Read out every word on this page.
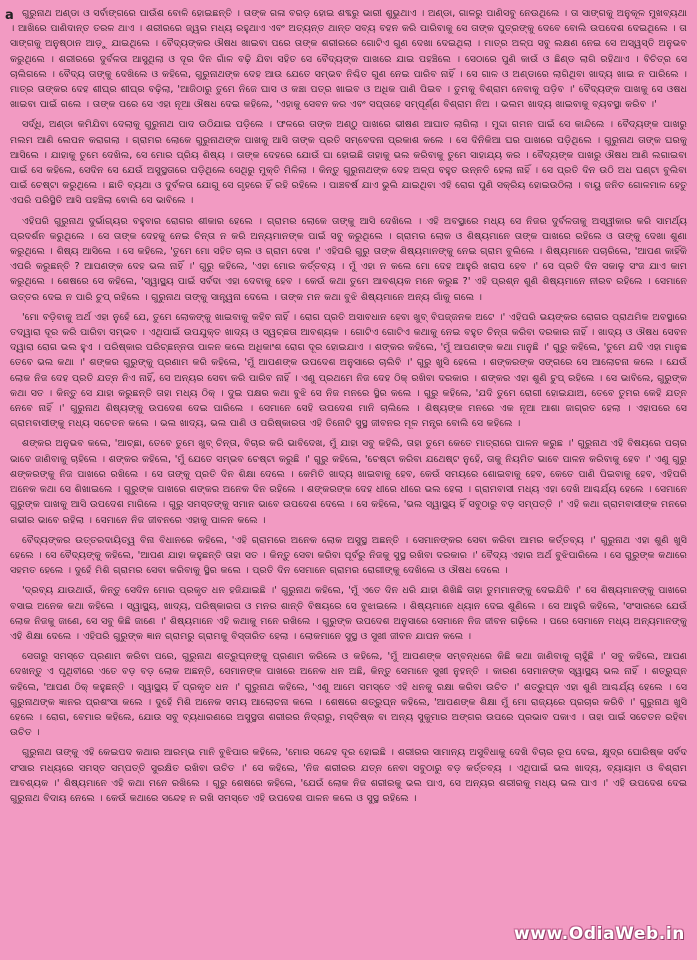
a ଗୁରୁନାଥ ଅଣ୍ଡା ଓ ସର୍ବାଙ୍ଗରେ ପାଉଁଶ ବୋଳି ହୋଇଛନ୍ତି । ତାଙ୍କ ଗଳା ବରଡ଼ ହୋଇ ଶବ୍ଦରୁ ଭାରୀ ଶୁଭୁଥାଏ । ଅଣ୍ଡା, ଗାଳରୁ ପାଣିସବୁ ନେଉଥିଲେ । ତା ସାଙ୍ଗକୁ ଅନୁକୂଳ ମୁଖବ୍ୟଥା । ଆଖିରେ ପାଣିଦାନ୍ତ ତରଳ ଥାଏ । ଶରୀରରେ ଜ୍ୱର ମଧ୍ୟ ରହୁଥାଏ ଏବଂ ଅତ୍ୟନ୍ତ ଥାନ୍ତ ସବ୍ୟ ବହନ କରି ପାରିବାକୁ ସେ ତାଙ୍କ ପୁତ୍ରଙ୍କୁ ଦେବେ ବୋଲି ଉପଦେଶ ଦେଇଥିଲେ । ତା ସାଙ୍ଗକୁ ଅନୁଷ୍ଠାନ ଆଡ଼ୁ ଯାଇଥିଲେ । ବୈଦ୍ୟଙ୍କର ଔଷଧ ଖାଇବା ପରେ ତାଙ୍କ ଶରୀରରେ ଗୋଟିଏ ଗୁଣ ଦେଖା ଦେଇଥିଲା । ମାତ୍ର ଅଳ୍ପ ସବୁ ଲକ୍ଷଣ ନେଇ ସେ ଅସ୍ୱସ୍ତି ଅନୁଭବ କରୁଥିଲେ । ଶରୀରରେ ଦୁର୍ବଳତା ଆସୁଥିଲା ଓ ଦୂର ଦିନ ଗାଁଳ ବଢ଼ି ଯିବା ସହିତ ସେ ବୈଦ୍ୟଙ୍କ ପାଖରେ ଯାଇ ପହଞ୍ଚିଲେ । ସେଠାରେ ପୁଣି କାଉଁ ଓ ଛିଣ୍ଡ ଲାଗି ରହିଥାଏ । ବିଚିତ୍ର ସେ ଚାଲିଗଲେ । ବୈଦ୍ୟ ତାଙ୍କୁ ଦେଖିଲେ ଓ କହିଲେ, ଗୁରୁନାଥଙ୍କ ଦେହ ଆଉ ଯେତେ ସମ୍ଭବ ନିଶ୍ଚିତ ଗୁଣ ନେଇ ପାରିବ ନାହିଁ । ସେ ଗାଳ ଓ ଅଣ୍ଡାରେ ଲାଗିଥିବା ଖାଦ୍ୟ ଖାଇ ନ ପାରିଲେ । ମାତ୍ର ତାଙ୍କର ଦେହ ଶୀଘ୍ର ଶୀଘ୍ର ବଢ଼ିଲା, 'ଆଜିଠାରୁ ତୁମେ ନିଜେ ଘାସ ଓ କଞ୍ଚା ପତ୍ର ଖାଇବ ଓ ଅଧିକ ପାଣି ପିଇବ । ତୁମକୁ ବିଶ୍ରାମ ନେବାକୁ ପଡ଼ିବ ।' ବୈଦ୍ୟଙ୍କ ପାଖକୁ ସେ ଓଷଧ ଖାଇବା ପାଇଁ ଗଲେ । ତାଙ୍କ ପରେ ସେ ଏହା ନୂଆ ଔଷଧ ଦେଇ କହିଲେ, 'ଏହାକୁ ସେବନ କର ଏବଂ ସପ୍ତାହେ ସମ୍ପୂର୍ଣ୍ଣ ବିଶ୍ରାମ ନିଅ । ଭଲମ ଖାଦ୍ୟ ଖାଇବାକୁ ବ୍ୟବସ୍ଥା କରିବ ।'

ସର୍ଦ୍ଧି, ଅଣ୍ଡା କମିଯିବା ଦେଲାକୁ ଗୁରୁନାଥ ପାଦ ଉଠିଯାଇ ପଡ଼ିଲେ । ଫଳରେ ତାଙ୍କ ଅଣ୍ଠୁ ପାଖରେ ଭୀଷଣ ଆଘାତ ଲାଗିଲା । ମୁଦ୍ଦା ଗମନ ପାଇଁ ସେ କାନ୍ଦିଲେ । ବୈଦ୍ୟଙ୍କ ପାଖରୁ ମଲମ ଆଣି ଲେପନ କରାଗଲା । ଗ୍ରାମର ଲୋକେ ଗୁରୁନାଥଙ୍କ ପାଖକୁ ଆସି ତାଙ୍କ ପ୍ରତି ସମ୍ବେଦନା ପ୍ରକାଶ କଲେ । ସେ ଦିନିକିଆ ଘର ପାଖରେ ପଡ଼ିଥିଲେ । ଗୁରୁନାଥ ତାଙ୍କ ଘରକୁ ଆସିଲେ । ଯାହାକୁ ତୁମେ ଦେଖିଲ, ସେ ମୋର ପ୍ରିୟ ଶିଷ୍ୟ । ତାଙ୍କ ଦେହରେ ଯୋଉଁ ଘା ହୋଇଛି ତାହାକୁ ଭଲ କରିବାକୁ ତୁମେ ସାହାଯ୍ୟ କର । ବୈଦ୍ୟଙ୍କ ପାଖରୁ ଔଷଧ ଆଣି ଲଗାଇବା ପାଇଁ ସେ କହିଲେ, ସେଦିନ ସେ ଯେଉଁ ଅସୁସ୍ଥତାରେ ପଡ଼ିଥିଲେ ସେଥିରୁ ମୁକ୍ତି ମିଳିଲା । କିନ୍ତୁ ଗୁରୁନାଥଙ୍କ ଦେହ ଅଳ୍ପ ବହୁତ ଉନ୍ନତି ହେଲା ନାହିଁ । ସେ ପ୍ରତି ଦିନ ଉଠି ଅଧ ଘଣ୍ଟା ବୁଲିବା ପାଇଁ ଚେଷ୍ଟା କରୁଥିଲେ । ଛାତି ବ୍ୟଥା ଓ ଦୁର୍ବଳତା ଯୋଗୁ ସେ ଗୃହରେ ହିଁ ରହି ରହିଲେ । ପାଞ୍ଚବର୍ଷ ଯାଏ ଭୁଲି ଯାଇଥିବା ଏହି ରୋଗ ପୁଣି ସକ୍ରିୟ ହୋଇଉଠିଲା । ବାୟୁ ଜନିତ ଗୋଳମାଳ ହେତୁ ଏପରି ପରିସ୍ଥିତି ଆସି ପହଞ୍ଚିଲା ବୋଲି ସେ ଭାବିଲେ ।

ଏହିପରି ଗୁରୁନାଥ ଦୁର୍ଭାଗ୍ୟର ବହୁବାର ରୋଗର ଶୀକାର ହେଲେ । ଗ୍ରାମର ଲୋକେ ତାଙ୍କୁ ଆସି ଦେଖିଲେ । ଏହି ଅବସ୍ଥାରେ ମଧ୍ୟ ସେ ନିଜର ଦୁର୍ବଳତାକୁ ଅସ୍ୱୀକାର କରି ସାମର୍ଥ୍ୟ ପ୍ରଦର୍ଶନ କରୁଥିଲେ । ସେ ତାଙ୍କ ଦେହକୁ ନେଇ ଚିନ୍ତା ନ କରି ଅନ୍ୟମାନଙ୍କ ପାଇଁ ସବୁ କରୁଥିଲେ । ଗ୍ରାମର ଲୋକ ଓ ଶିଷ୍ୟମାନେ ତାଙ୍କ ପାଖରେ ରହିଲେ ଓ ତାଙ୍କୁ ଦେଖା ଶୁଣା କରୁଥିଲେ । ଶିଷ୍ୟ ଆସିଲେ । ସେ କହିଲେ, 'ତୁମେ ମୋ ସହିତ ଚାଲ ଓ ଗ୍ରାମ ଦେଖ ।' ଏହିପରି ଗୁରୁ ତାଙ୍କ ଶିଷ୍ୟମାନଙ୍କୁ ନେଇ ଗ୍ରାମ ବୁଲିଲେ । ଶିଷ୍ୟମାନେ ପଚାରିଲେ, 'ଆପଣ କାହିଁକି ଏପରି କରୁଛନ୍ତି ? ଆପଣଙ୍କ ଦେହ ଭଲ ନାହିଁ ।' ଗୁରୁ କହିଲେ, 'ଏହା ମୋର କର୍ତ୍ତବ୍ୟ । ମୁଁ ଏହା ନ କଲେ ମୋ ଦେହ ଆହୁରି ଖରାପ ହେବ ।' ସେ ପ୍ରତି ଦିନ ସକାଳୁ ସଂଜ ଯାଏ କାମ କରୁଥିଲେ । ଶେଷରେ ସେ କହିଲେ, 'ସ୍ୱାସ୍ଥ୍ୟ ପାଇଁ ସର୍ବଦା ଏହା ଦେବାକୁ ହେବ । କେଉଁ କଥା ତୁମେ ଆବଶ୍ୟକ ମନେ କରୁଛ ?' ଏହି ପ୍ରଶ୍ନ ଶୁଣି ଶିଷ୍ୟମାନେ ନୀରବ ରହିଲେ । ସେମାନେ ଉତ୍ତର ଦେଇ ନ ପାରି ଚୁପ୍ ରହିଲେ । ଗୁରୁନାଥ ତାଙ୍କୁ ସାନ୍ତ୍ୱନା ଦେଲେ । ତାଙ୍କ ମନ କଥା ବୁଝି ଶିଷ୍ୟମାନେ ଅନ୍ୟ ଗାଁକୁ ଗଲେ ।

'ମୋ ବଡ଼ିବାକୁ ଅର୍ଥ ଏହା ନୁହେଁ ଯେ, ତୁମେ ଲୋକଙ୍କୁ ଖାଇବାକୁ କହିବ ନାହିଁ । ରୋଗ ପ୍ରତି ଅସାବଧାନ ହେବା ଖୁବ୍ ବିପଜ୍ଜନକ ଅଟେ ।' ଏହିପରି ଭୟଙ୍କର ରୋଗର ପ୍ରାଥମିକ ଅବସ୍ଥାରେ ତଦ୍ୱାରା ଦୂର କରି ପାରିବା ସମ୍ଭବ । ଏଥିପାଇଁ ଉପଯୁକ୍ତ ଖାଦ୍ୟ ଓ ସ୍ୱଚ୍ଛତା ଆବଶ୍ୟକ । ଗୋଟିଏ ଗୋଟିଏ କଥାକୁ ନେଇ ବହୁତ ଚିନ୍ତା କରିବା ଦରକାର ନାହିଁ । ଖାଦ୍ୟ ଓ ଔଷଧ ସେବନ ଦ୍ୱାରା ରୋଗ ଭଲ ହୁଏ । ପରିଷ୍କାର ପରିଚ୍ଛନ୍ନତା ପାଳନ କଲେ ଅଧିକାଂଶ ରୋଗ ଦୂର ହୋଇଯାଏ । ଶଙ୍କର କହିଲେ, 'ମୁଁ ଆପଣଙ୍କ କଥା ମାନୁଛି ।' ଗୁରୁ କହିଲେ, 'ତୁମେ ଯଦି ଏହା ମାନୁଛ ତେବେ ଭଲ କଥା ।' ଶଙ୍କର ଗୁରୁଙ୍କୁ ପ୍ରଣାମ କରି କହିଲେ, 'ମୁଁ ଆପଣଙ୍କ ଉପଦେଶ ଅନୁସାରେ ଚାଲିବି ।' ଗୁରୁ ଖୁସି ହେଲେ । ଶଙ୍କରଙ୍କ ସଙ୍ଗରେ ସେ ଆଲୋଚନା କଲେ । ଯେଉଁ ଲୋକ ନିଜ ଦେହ ପ୍ରତି ଯତ୍ନ ନିଏ ନାହିଁ, ସେ ଅନ୍ୟର ସେବା କରି ପାରିବ ନାହିଁ । ଏଣୁ ପ୍ରଥମେ ନିଜ ଦେହ ଠିକ୍ ରଖିବା ଦରକାର । ଶଙ୍କର ଏହା ଶୁଣି ଚୁପ୍ ରହିଲେ । ସେ ଭାବିଲେ, ଗୁରୁଙ୍କ କଥା ସତ । କିନ୍ତୁ ସେ ଯାହା କରୁଛନ୍ତି ତାହା ମଧ୍ୟ ଠିକ୍ । ଦୁଇ ପକ୍ଷର କଥା ବୁଝି ସେ ନିଜ ମନରେ ସ୍ଥିର କଲେ । ଗୁରୁ କହିଲେ, 'ଯଦି ତୁମେ ରୋଗୀ ହୋଇଯାଅ, ତେବେ ତୁମର କେହି ଯତ୍ନ ନେବେ ନାହିଁ ।' ଗୁରୁନାଥ ଶିଷ୍ୟଙ୍କୁ ଉପଦେଶ ଦେଇ ପାରିଲେ । ସେମାନେ ସେହି ଉପଦେଶ ମାନି ଚାଲିଲେ । ଶିଷ୍ୟଙ୍କ ମନରେ ଏକ ନୂଆ ଆଶା ଜାଗ୍ରତ ହେଲା । ଏହାପରେ ସେ ଗ୍ରାମବାସୀଙ୍କୁ ମଧ୍ୟ ସଚେତନ କଲେ । ଭଲ ଖାଦ୍ୟ, ଭଲ ପାଣି ଓ ପରିଷ୍କାରତା ଏହି ତିନୋଟି ସୁସ୍ଥ ଜୀବନର ମୂଳ ମନ୍ତ୍ର ବୋଲି ସେ କହିଲେ ।

ଶଙ୍କର ଅନୁଭବ କଲେ, 'ଆଚ୍ଛା, ତେବେ ତୁମେ ଖୁବ୍ ଚିନ୍ତା, ବିଚାର କରି ଭାବିଦେଖ, ମୁଁ ଯାହା ସବୁ କହିଲି, ତାହା ତୁମେ କେତେ ମାତ୍ରାରେ ପାଳନ କରୁଛ ।' ଗୁରୁନାଥ ଏହି ବିଷୟରେ ପଚାର ଭାବେ ଜାଣିବାକୁ ଚାହିଲେ । ଶଙ୍କର କହିଲେ, 'ମୁଁ ଯେତେ ସମ୍ଭବ ଚେଷ୍ଟା କରୁଛି ।' ଗୁରୁ କହିଲେ, 'ଚେଷ୍ଟା କରିବା ଯଥେଷ୍ଟ ନୁହେଁ, ତାକୁ ନିୟମିତ ଭାବେ ପାଳନ କରିବାକୁ ହେବ ।' ଏଣୁ ଗୁରୁ ଶଙ୍କରଙ୍କୁ ନିଜ ପାଖରେ ରଖିଲେ । ସେ ତାଙ୍କୁ ପ୍ରତି ଦିନ ଶିକ୍ଷା ଦେଲେ । କେମିତି ଖାଦ୍ୟ ଖାଇବାକୁ ହେବ, କେଉଁ ସମୟରେ ଶୋଇବାକୁ ହେବ, କେତେ ପାଣି ପିଇବାକୁ ହେବ, ଏହିପରି ଅନେକ କଥା ସେ ଶିଖାଇଲେ । ଗୁରୁଙ୍କ ପାଖରେ ଶଙ୍କର ଅନେକ ଦିନ ରହିଲେ । ଶଙ୍କରଙ୍କ ଦେହ ଧୀରେ ଧୀରେ ଭଲ ହେଲା । ଗ୍ରାମବାସୀ ମଧ୍ୟ ଏହା ଦେଖି ଆଶ୍ଚର୍ଯ୍ୟ ହେଲେ । ସେମାନେ ଗୁରୁଙ୍କ ପାଖକୁ ଆସି ଉପଦେଶ ମାଗିଲେ । ଗୁରୁ ସମସ୍ତଙ୍କୁ ସମାନ ଭାବେ ଉପଦେଶ ଦେଲେ । ସେ କହିଲେ, 'ଭଲ ସ୍ୱାସ୍ଥ୍ୟ ହିଁ ସବୁଠାରୁ ବଡ଼ ସମ୍ପତ୍ତି ।' ଏହି କଥା ଗ୍ରାମବାସୀଙ୍କ ମନରେ ଗଭୀର ଭାବେ ରହିଲା । ସେମାନେ ନିଜ ଜୀବନରେ ଏହାକୁ ପାଳନ କଲେ ।

ବୈଦ୍ୟଙ୍କର ଉତ୍ତରଦାୟିତ୍ୱ ବିନା ବିଧାନରେ କହିଲେ, 'ଏହି ଗ୍ରାମରେ ଅନେକ ଲୋକ ଅସୁସ୍ଥ ଅଛନ୍ତି । ସେମାନଙ୍କର ସେବା କରିବା ଆମର କର୍ତ୍ତବ୍ୟ ।' ଗୁରୁନାଥ ଏହା ଶୁଣି ଖୁସି ହେଲେ । ସେ ବୈଦ୍ୟଙ୍କୁ କହିଲେ, 'ଆପଣ ଯାହା କହୁଛନ୍ତି ତାହା ସତ । କିନ୍ତୁ ସେବା କରିବା ପୂର୍ବରୁ ନିଜକୁ ସୁସ୍ଥ ରଖିବା ଦରକାର ।' ବୈଦ୍ୟ ଏହାର ଅର୍ଥ ବୁଝିପାରିଲେ । ସେ ଗୁରୁଙ୍କ କଥାରେ ସହମତ ହେଲେ । ଦୁହେଁ ମିଶି ଗ୍ରାମର ସେବା କରିବାକୁ ସ୍ଥିର କଲେ । ପ୍ରତି ଦିନ ସେମାନେ ଗ୍ରାମର ରୋଗୀଙ୍କୁ ଦେଖିଲେ ଓ ଔଷଧ ଦେଲେ ।

'ଦ୍ରବ୍ୟ ଯାଉଥାଉଁ, କିନ୍ତୁ ସେଦିନ ମୋର ପ୍ରକୃତ ଧନ ହଜିଯାଇଛି ।' ଗୁରୁନାଥ କହିଲେ, 'ମୁଁ ଏତେ ଦିନ ଧରି ଯାହା ଶିଖିଛି ତାହା ତୁମମାନଙ୍କୁ ଦେଇଯିବି ।' ସେ ଶିଷ୍ୟମାନଙ୍କୁ ପାଖରେ ବସାଇ ଅନେକ କଥା କହିଲେ । ସ୍ୱାସ୍ଥ୍ୟ, ଖାଦ୍ୟ, ପରିଷ୍କାରତା ଓ ମନର ଶାନ୍ତି ବିଷୟରେ ସେ ବୁଝାଇଲେ । ଶିଷ୍ୟମାନେ ଧ୍ୟାନ ଦେଇ ଶୁଣିଲେ । ସେ ଆହୁରି କହିଲେ, 'ସଂସାରରେ ଯେଉଁ ଲୋକ ନିଜକୁ ଜାଣେ, ସେ ସବୁ କିଛି ଜାଣେ ।' ଶିଷ୍ୟମାନେ ଏହି କଥାକୁ ମନେ ରଖିଲେ । ଗୁରୁଙ୍କ ଉପଦେଶ ଅନୁସାରେ ସେମାନେ ନିଜ ଜୀବନ ଗଢ଼ିଲେ । ପରେ ସେମାନେ ମଧ୍ୟ ଅନ୍ୟମାନଙ୍କୁ ଏହି ଶିକ୍ଷା ଦେଲେ । ଏହିପରି ଗୁରୁଙ୍କ ଜ୍ଞାନ ଗ୍ରାମରୁ ଗ୍ରାମକୁ ବିସ୍ତାରିତ ହେଲା । ଲୋକମାନେ ସୁସ୍ଥ ଓ ସୁଖୀ ଜୀବନ ଯାପନ କଲେ ।

ସେତାରୁ ସମସ୍ତେ ପ୍ରଣାମ କରିବା ପରେ, ଗୁରୁନାଥ ଶତ୍ରୁଘ୍ନଙ୍କୁ ପ୍ରଣାମ କରିଲେ ଓ କହିଲେ, 'ମୁଁ ଆପଣଙ୍କ ସମ୍ବନ୍ଧରେ କିଛି କଥା ଜାଣିବାକୁ ଚାହୁଁଛି ।' ସବୁ କହିଲେ, ଆପଣ ଦେଖନ୍ତୁ ଏ ପୃଥିବୀରେ ଏତେ ବଡ଼ ବଡ଼ ଲୋକ ଅଛନ୍ତି, ସେମାନଙ୍କ ପାଖରେ ଅନେକ ଧନ ଅଛି, କିନ୍ତୁ ସେମାନେ ସୁଖୀ ନୁହନ୍ତି । କାରଣ ସେମାନଙ୍କ ସ୍ୱାସ୍ଥ୍ୟ ଭଲ ନାହିଁ । ଶତ୍ରୁଘ୍ନ କହିଲେ, 'ଆପଣ ଠିକ୍ କହୁଛନ୍ତି । ସ୍ୱାସ୍ଥ୍ୟ ହିଁ ପ୍ରକୃତ ଧନ ।' ଗୁରୁନାଥ କହିଲେ, 'ଏଣୁ ଆମେ ସମସ୍ତେ ଏହି ଧନକୁ ରକ୍ଷା କରିବା ଉଚିତ ।' ଶତ୍ରୁଘ୍ନ ଏହା ଶୁଣି ଆଶ୍ଚର୍ଯ୍ୟ ହେଲେ । ସେ ଗୁରୁନାଥଙ୍କ ଜ୍ଞାନର ପ୍ରଶଂସା କଲେ । ଦୁହେଁ ମିଶି ଅନେକ ସମୟ ଆଲୋଚନା କଲେ । ଶେଷରେ ଶତ୍ରୁଘ୍ନ କହିଲେ, 'ଆପଣଙ୍କ ଶିକ୍ଷା ମୁଁ ମୋ ରାଜ୍ୟରେ ପ୍ରଚାର କରିବି ।' ଗୁରୁନାଥ ଖୁସି ହେଲେ । ରୋଗ, ବେମାର କହିଲେ, ଯୋଉ ସବୁ ବ୍ୟଧାରଣରେ ଅସୁସ୍ଥତା ଶରୀରର ନିଦ୍ରାରୁ, ମସ୍ତିଷ୍କ ବା ଅନ୍ୟ ସୁକୁମାର ଅଙ୍ଗର ଉପରେ ପ୍ରଭାବ ପକାଏ । ତାହା ପାଇଁ ସଚେତନ ରହିବା ଉଚିତ ।

ଗୁରୁନାଥ ତାଙ୍କୁ ଏହି କେଇପଦ କଥାର ଆରମ୍ଭ ମାନି ବୁଝିପାର କହିଲେ, 'ମୋର ସନ୍ଦେହ ଦୂର ହୋଇଛି । ଶରୀରର ସାମାନ୍ୟ ଅସୁବିଧାକୁ ଦେଖି ବିଚାର ରୂପ ଦେଇ, କ୍ଷୁଦ୍ର ଘୋରିଷ୍କ ସର୍ବଦ ସଂସାର ମଧ୍ୟରେ ସମସ୍ତ ସମ୍ପତ୍ତି ସୁରକ୍ଷିତ ରଖିବା ଉଚିତ ।' ସେ କହିଲେ, 'ନିଜ ଶରୀରର ଯତ୍ନ ନେବା ସବୁଠାରୁ ବଡ଼ କର୍ତ୍ତବ୍ୟ । ଏଥିପାଇଁ ଭଲ ଖାଦ୍ୟ, ବ୍ୟାୟାମ ଓ ବିଶ୍ରାମ ଆବଶ୍ୟକ ।' ଶିଷ୍ୟମାନେ ଏହି କଥା ମନେ ରଖିଲେ । ଗୁରୁ ଶେଷରେ କହିଲେ, 'ଯେଉଁ ଲୋକ ନିଜ ଶରୀରକୁ ଭଲ ପାଏ, ସେ ଅନ୍ୟର ଶରୀରକୁ ମଧ୍ୟ ଭଲ ପାଏ ।' ଏହି ଉପଦେଶ ଦେଇ ଗୁରୁନାଥ ବିଦାୟ ନେଲେ । କେଉଁ କଥାରେ ସନ୍ଦେହ ନ ରଖି ସମସ୍ତେ ଏହି ଉପଦେଶ ପାଳନ କଲେ ଓ ସୁସ୍ଥ ରହିଲେ ।

www.OdiaWeb.in
